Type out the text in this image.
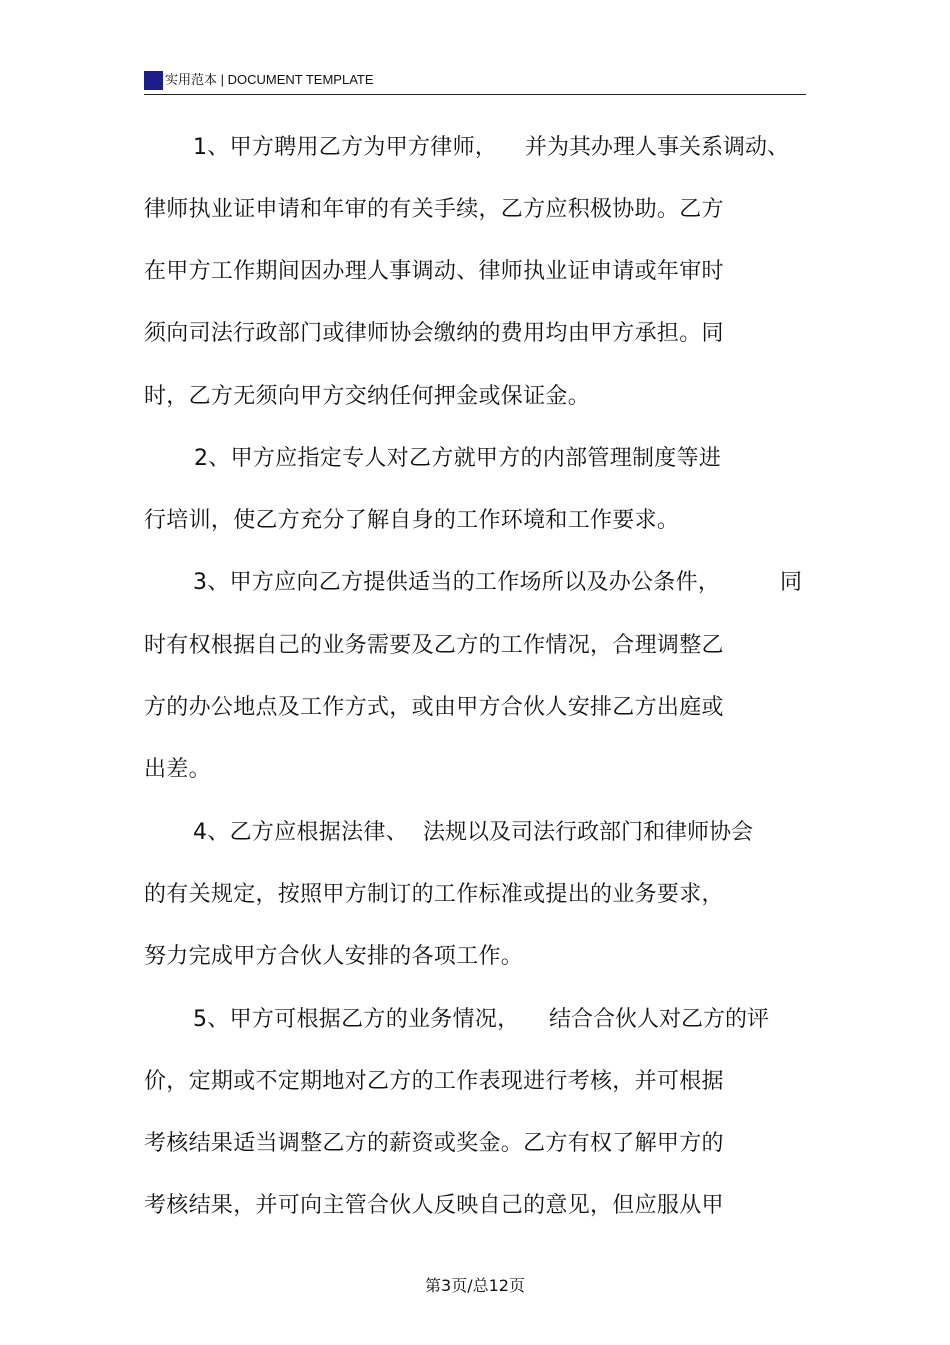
实用范本 | DOCUMENT TEMPLATE
1、甲方聘用乙方为甲方律师， 并为其办理人事关系调动、
律师执业证申请和年审的有关手续，乙方应积极协助。乙方
在甲方工作期间因办理人事调动、律师执业证申请或年审时
须向司法行政部门或律师协会缴纳的费用均由甲方承担。同
时，乙方无须向甲方交纳任何押金或保证金。
2、甲方应指定专人对乙方就甲方的内部管理制度等进
行培训，使乙方充分了解自身的工作环境和工作要求。
3、甲方应向乙方提供适当的工作场所以及办公条件，	同
时有权根据自己的业务需要及乙方的工作情况，合理调整乙
方的办公地点及工作方式，或由甲方合伙人安排乙方出庭或
出差。
4、乙方应根据法律、 法规以及司法行政部门和律师协会
的有关规定，按照甲方制订的工作标准或提出的业务要求，
努力完成甲方合伙人安排的各项工作。
5、甲方可根据乙方的业务情况， 结合合伙人对乙方的评
价，定期或不定期地对乙方的工作表现进行考核，并可根据
考核结果适当调整乙方的薪资或奖金。乙方有权了解甲方的
考核结果，并可向主管合伙人反映自己的意见，但应服从甲
第3页/总12页
